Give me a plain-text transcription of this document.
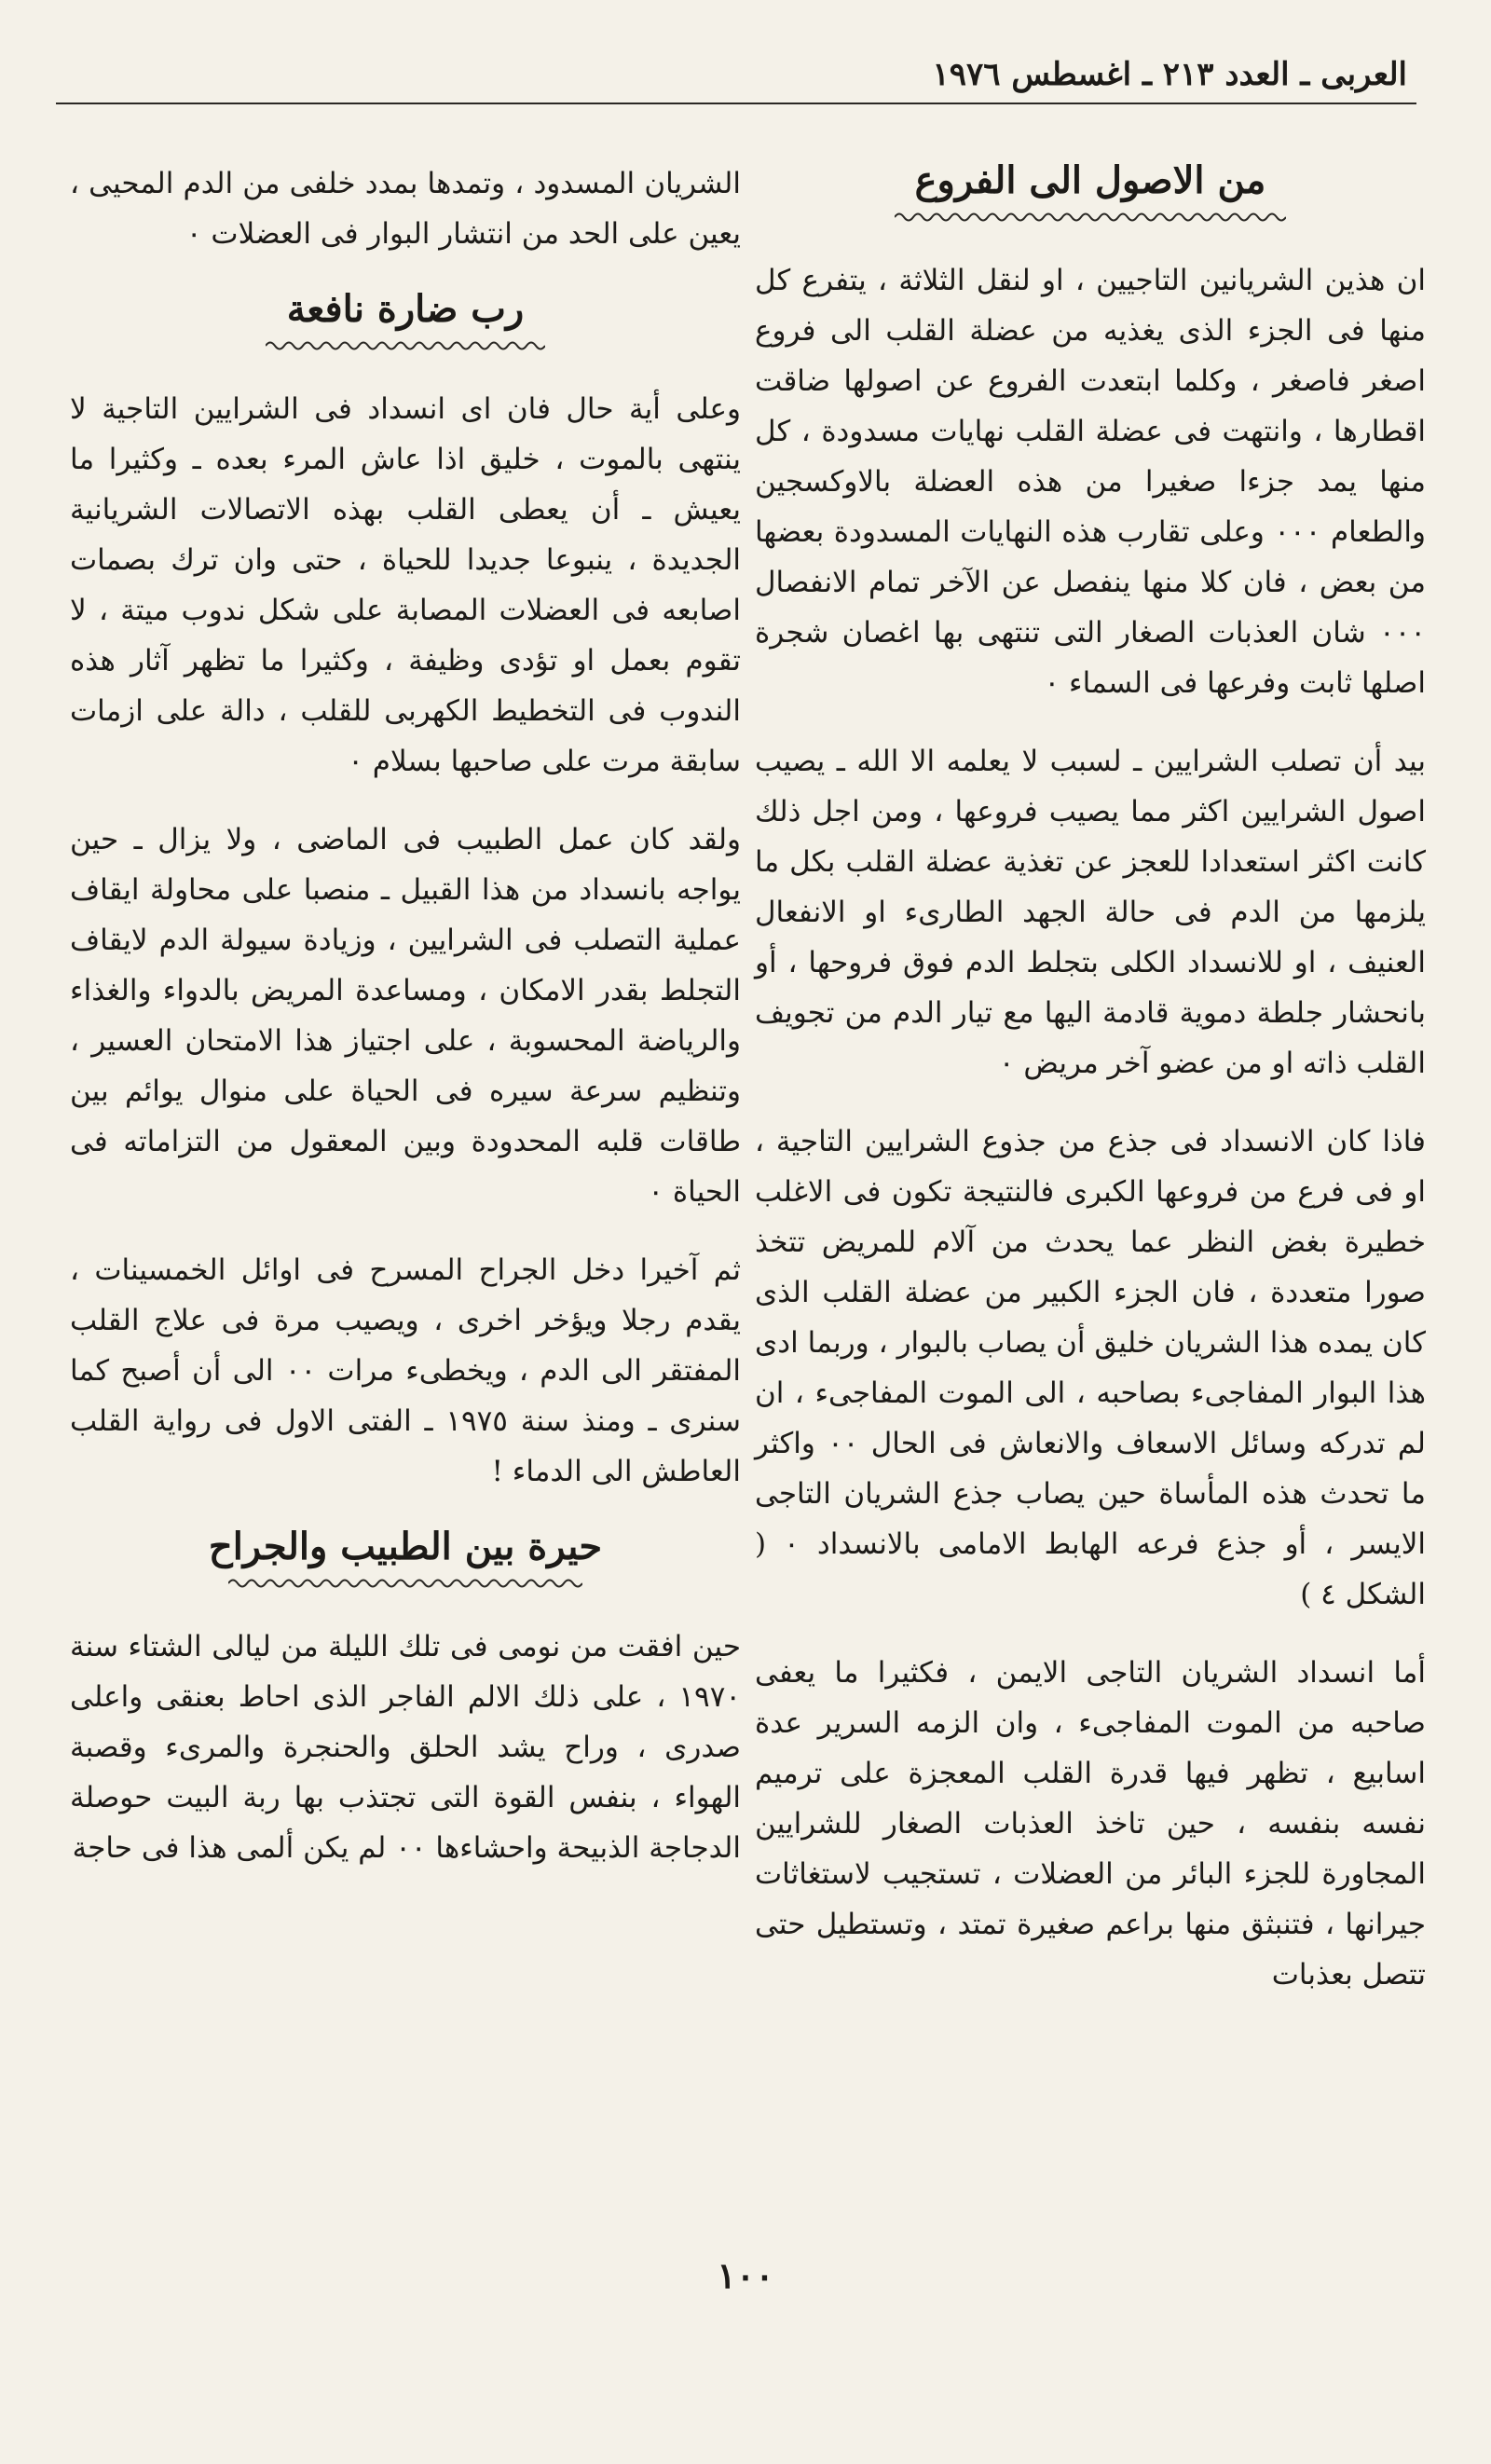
العربى ـ العدد ٢١٣ ـ اغسطس ١٩٧٦
من الاصول الى الفروع

ان هذين الشريانين التاجيين ، او لنقل الثلاثة ، يتفرع كل منها فى الجزء الذى يغذيه من عضلة القلب الى فروع اصغر فاصغر ، وكلما ابتعدت الفروع عن اصولها ضاقت اقطارها ، وانتهت فى عضلة القلب نهايات مسدودة ، كل منها يمد جزءا صغيرا من هذه العضلة بالاوكسجين والطعام ٠٠٠ وعلى تقارب هذه النهايات المسدودة بعضها من بعض ، فان كلا منها ينفصل عن الآخر تمام الانفصال ٠٠٠ شان العذبات الصغار التى تنتهى بها اغصان شجرة اصلها ثابت وفرعها فى السماء ٠

بيد أن تصلب الشرايين ـ لسبب لا يعلمه الا الله ـ يصيب اصول الشرايين اكثر مما يصيب فروعها ، ومن اجل ذلك كانت اكثر استعدادا للعجز عن تغذية عضلة القلب بكل ما يلزمها من الدم فى حالة الجهد الطارىء او الانفعال العنيف ، او للانسداد الكلى بتجلط الدم فوق فروحها ، أو بانحشار جلطة دموية قادمة اليها مع تيار الدم من تجويف القلب ذاته او من عضو آخر مريض ٠

فاذا كان الانسداد فى جذع من جذوع الشرايين التاجية ، او فى فرع من فروعها الكبرى فالنتيجة تكون فى الاغلب خطيرة بغض النظر عما يحدث من آلام للمريض تتخذ صورا متعددة ، فان الجزء الكبير من عضلة القلب الذى كان يمده هذا الشريان خليق أن يصاب بالبوار ، وربما ادى هذا البوار المفاجىء بصاحبه ، الى الموت المفاجىء ، ان لم تدركه وسائل الاسعاف والانعاش فى الحال ٠٠ واكثر ما تحدث هذه المأساة حين يصاب جذع الشريان التاجى الايسر ، أو جذع فرعه الهابط الامامى بالانسداد ٠ ( الشكل ٤ )

أما انسداد الشريان التاجى الايمن ، فكثيرا ما يعفى صاحبه من الموت المفاجىء ، وان الزمه السرير عدة اسابيع ، تظهر فيها قدرة القلب المعجزة على ترميم نفسه بنفسه ، حين تاخذ العذبات الصغار للشرايين المجاورة للجزء البائر من العضلات ، تستجيب لاستغاثات جيرانها ، فتنبثق منها براعم صغيرة تمتد ، وتستطيل حتى تتصل بعذبات

الشريان المسدود ، وتمدها بمدد خلفى من الدم المحيى ، يعين على الحد من انتشار البوار فى العضلات ٠

رب ضارة نافعة

وعلى أية حال فان اى انسداد فى الشرايين التاجية لا ينتهى بالموت ، خليق اذا عاش المرء بعده ـ وكثيرا ما يعيش ـ أن يعطى القلب بهذه الاتصالات الشريانية الجديدة ، ينبوعا جديدا للحياة ، حتى وان ترك بصمات اصابعه فى العضلات المصابة على شكل ندوب ميتة ، لا تقوم بعمل او تؤدى وظيفة ، وكثيرا ما تظهر آثار هذه الندوب فى التخطيط الكهربى للقلب ، دالة على ازمات سابقة مرت على صاحبها بسلام ٠

ولقد كان عمل الطبيب فى الماضى ، ولا يزال ـ حين يواجه بانسداد من هذا القبيل ـ منصبا على محاولة ايقاف عملية التصلب فى الشرايين ، وزيادة سيولة الدم لايقاف التجلط بقدر الامكان ، ومساعدة المريض بالدواء والغذاء والرياضة المحسوبة ، على اجتياز هذا الامتحان العسير ، وتنظيم سرعة سيره فى الحياة على منوال يوائم بين طاقات قلبه المحدودة وبين المعقول من التزاماته فى الحياة ٠

ثم آخيرا دخل الجراح المسرح فى اوائل الخمسينات ، يقدم رجلا ويؤخر اخرى ، ويصيب مرة فى علاج القلب المفتقر الى الدم ، ويخطىء مرات ٠٠ الى أن أصبح كما سنرى ـ ومنذ سنة ١٩٧٥ ـ الفتى الاول فى رواية القلب العاطش الى الدماء !

حيرة بين الطبيب والجراح

حين افقت من نومى فى تلك الليلة من ليالى الشتاء سنة ١٩٧٠ ، على ذلك الالم الفاجر الذى احاط بعنقى واعلى صدرى ، وراح يشد الحلق والحنجرة والمرىء وقصبة الهواء ، بنفس القوة التى تجتذب بها ربة البيت حوصلة الدجاجة الذبيحة واحشاءها ٠٠ لم يكن ألمى هذا فى حاجة

١٠٠
